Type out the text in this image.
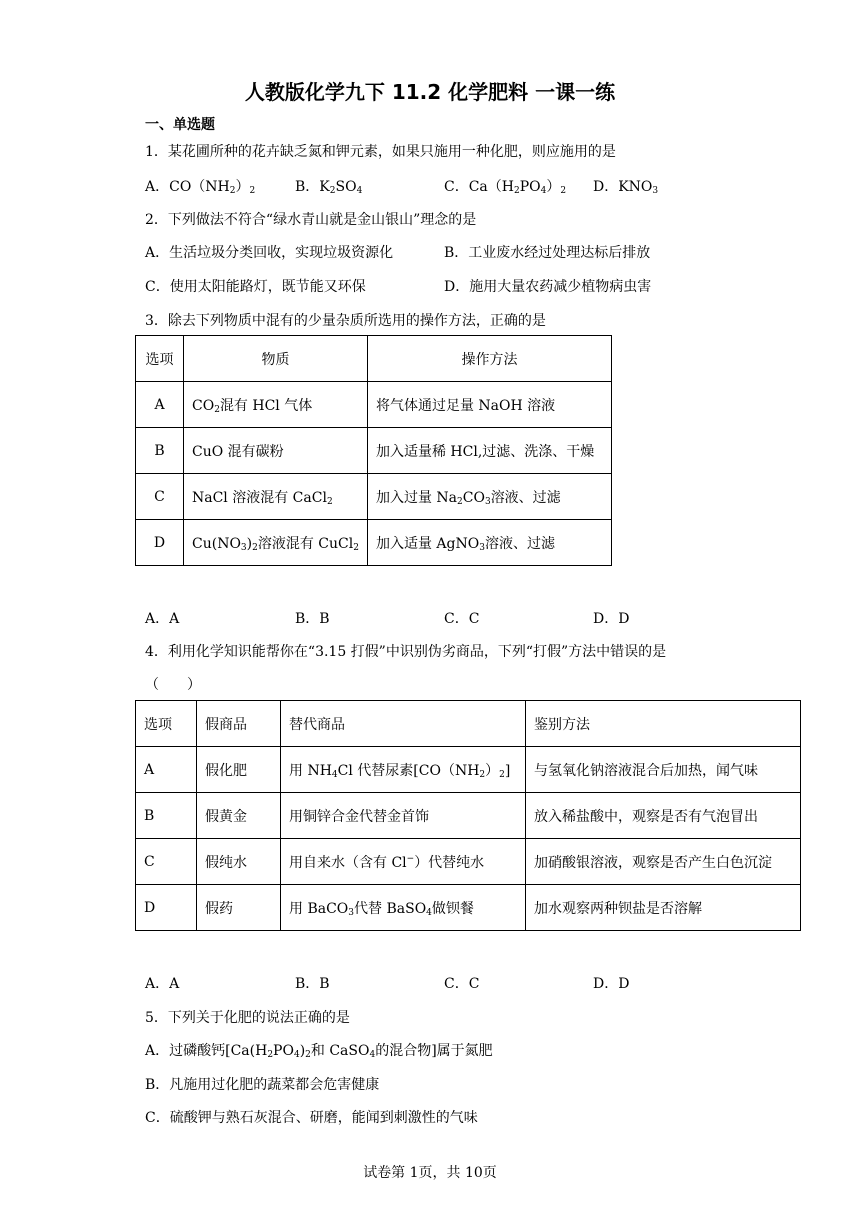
人教版化学九下 11.2 化学肥料 一课一练
一、单选题
1．某花圃所种的花卉缺乏氮和钾元素，如果只施用一种化肥，则应施用的是
A．$CO(NH_2)_2$	B．$K_2SO_4$	C．$Ca(H_2PO_4)_2$ D．$KNO_3$
2．下列做法不符合“绿水青山就是金山银山”理念的是
A．生活垃圾分类回收，实现垃圾资源化	B．工业废水经过处理达标后排放
C．使用太阳能路灯，既节能又环保	D．施用大量农药减少植物病虫害
3．除去下列物质中混有的少量杂质所选用的操作方法，正确的是
选项	物质	操作方法
A	$CO_2$混有 HCl 气体	将气体通过足量 NaOH 溶液
B	CuO 混有碳粉	加入适量稀 HCl,过滤、洗涤、干燥
C	NaCl 溶液混有 CaCl$_2$	加入过量 $Na_2CO_3$溶液、过滤
D	$Cu(NO_3)_2$溶液混有 CuCl$_2$	加入适量 AgNO$_3$溶液、过滤
A．A	B．B	C．C	D．D
4．利用化学知识能帮你在“3.15 打假”中识别伪劣商品，下列“打假”方法中错误的是
（　　）
选项	假商品	替代商品	鉴别方法
A	假化肥	用 $NH_4Cl$ 代替尿素$[CO(NH_2)_2]$	与氢氧化钠溶液混合后加热，闻气味
B	假黄金	用铜锌合金代替金首饰	放入稀盐酸中，观察是否有气泡冒出
C	假纯水	用自来水（含有 Cl−）代替纯水	加硝酸银溶液，观察是否产生白色沉淀
D	假药	用 BaCO$_3$代替 BaSO$_4$做钡餐	加水观察两种钡盐是否溶解
A．A	B．B	C．C	D．D
5．下列关于化肥的说法正确的是
A．过磷酸钙[$Ca(H_2PO_4)_2$和 CaSO$_4$的混合物]属于氮肥
B．凡施用过化肥的蔬菜都会危害健康
C．硫酸钾与熟石灰混合、研磨，能闻到刺激性的气味
试卷第 1页，共 10页
